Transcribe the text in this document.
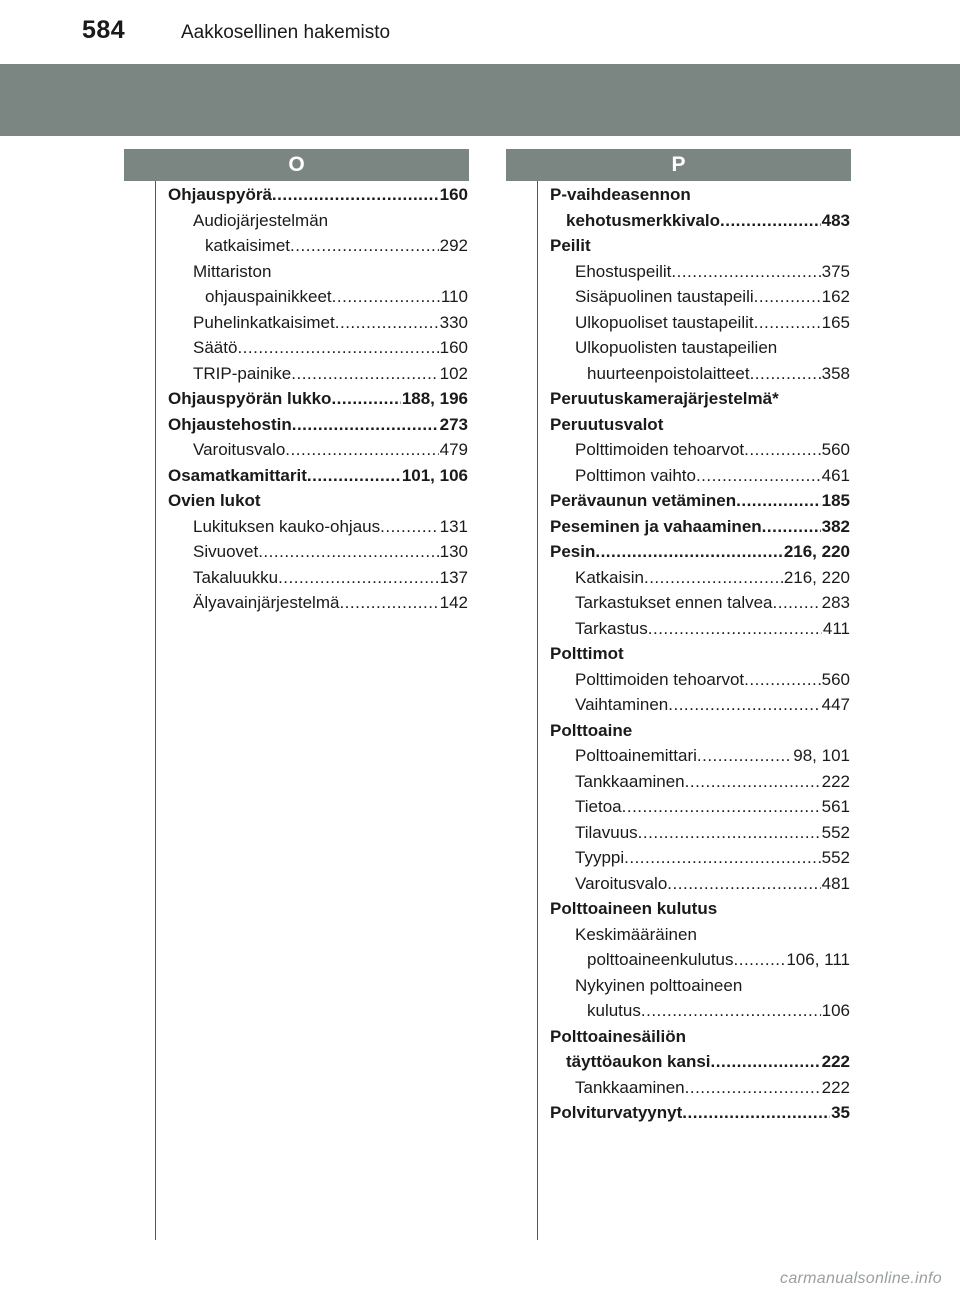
584	Aakkosellinen hakemisto
O	P
Ohjauspyörä .....	160
Audiojärjestelmän
katkaisimet .....	292
Mittariston
ohjauspainikkeet .....	110
Puhelinkatkaisimet .....	330
Säätö .....	160
TRIP-painike .....	102
Ohjauspyörän lukko .....	188, 196
Ohjaustehostin .....	273
Varoitusvalo .....	479
Osamatkamittarit .....	101, 106
Ovien lukot
Lukituksen kauko-ohjaus .....	131
Sivuovet .....	130
Takaluukku .....	137
Älyavainjärjestelmä .....	142
P-vaihdeasennon
kehotusmerkkivalo .....	483
Peilit
Ehostuspeilit .....	375
Sisäpuolinen taustapeili .....	162
Ulkopuoliset taustapeilit .....	165
Ulkopuolisten taustapeilien
huurteenpoistolaitteet .....	358
Peruutuskamerajärjestelmä*
Peruutusvalot
Polttimoiden tehoarvot .....	560
Polttimon vaihto .....	461
Perävaunun vetäminen .....	185
Peseminen ja vahaaminen .....	382
Pesin .....	216, 220
Katkaisin .....	216, 220
Tarkastukset ennen talvea .....	283
Tarkastus .....	411
Polttimot
Polttimoiden tehoarvot .....	560
Vaihtaminen .....	447
Polttoaine
Polttoainemittari .....	98, 101
Tankkaaminen .....	222
Tietoa .....	561
Tilavuus .....	552
Tyyppi .....	552
Varoitusvalo .....	481
Polttoaineen kulutus
Keskimääräinen
polttoaineenkulutus .....	106, 111
Nykyinen polttoaineen
kulutus .....	106
Polttoainesäiliön
täyttöaukon kansi .....	222
Tankkaaminen .....	222
Polviturvatyynyt .....	35
carmanualsonline.info
